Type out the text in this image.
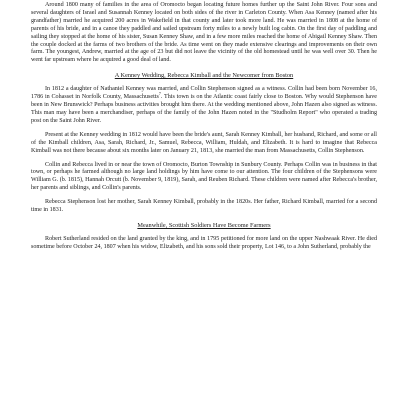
Around 1800 many of families in the area of Oromocto began locating future homes further up the Saint John River. Four sons and several daughters of Israel and Susannah Kenney located on both sides of the river in Carleton County. When Asa Kenney (named after his grandfather) married he acquired 200 acres in Wakefield in that county and later took more land. He was married in 1808 at the home of parents of his bride, and in a canoe they paddled and sailed upstream forty miles to a newly built log cabin. On the first day of paddling and sailing they stopped at the home of his sister, Susan Kenney Shaw, and in a few more miles reached the home of Abigail Kenney Shaw. Then the couple docked at the farms of two brothers of the bride. As time went on they made extensive clearings and improvements on their own farm. The youngest, Andrew, married at the age of 23 but did not leave the vicinity of the old homestead until he was well over 30. Then he went far upstream where he acquired a good deal of land.

A Kenney Wedding, Rebecca Kimball and the Newcomer from Boston

In 1812 a daughter of Nathaniel Kenney was married, and Collin Stephenson signed as a witness. Collin had been born November 16, 1786 in Cohasset in Norfolk County, Massachusetts$^7$. This town is on the Atlantic coast fairly close to Boston. Why would Stephenson have been in New Brunswick? Perhaps business activities brought him there. At the wedding mentioned above, John Hazen also signed as witness. This man may have been a merchandiser, perhaps of the family of the John Hazen noted in the "Studholm Report" who operated a trading post on the Saint John River.

Present at the Kenney wedding in 1812 would have been the bride's aunt, Sarah Kenney Kimball, her husband, Richard, and some or all of the Kimball children, Asa, Sarah, Richard, Jr., Samuel, Rebecca, William, Huldah, and Elizabeth. It is hard to imagine that Rebecca Kimball was not there because about six months later on January 21, 1813, she married the man from Massachusetts, Collin Stephenson.

Collin and Rebecca lived in or near the town of Oromocto, Burton Township in Sunbury County. Perhaps Collin was in business in that town, or perhaps he farmed although no large land holdings by him have come to our attention. The four children of the Stephensons were William G. (b. 1815), Hannah Orcutt (b. November 9, 1819), Sarah, and Reuben Richard. These children were named after Rebecca's brother, her parents and siblings, and Collin's parents.

Rebecca Stephenson lost her mother, Sarah Kenney Kimball, probably in the 1820s. Her father, Richard Kimball, married for a second time in 1831.

Meanwhile, Scottish Soldiers Have Become Farmers

Robert Sutherland resided on the land granted by the king, and in 1795 petitioned for more land on the upper Nashwaak River. He died sometime before October 24, 1807 when his widow, Elizabeth, and his sons sold their property, Lot 146, to a John Sutherland, probably the
